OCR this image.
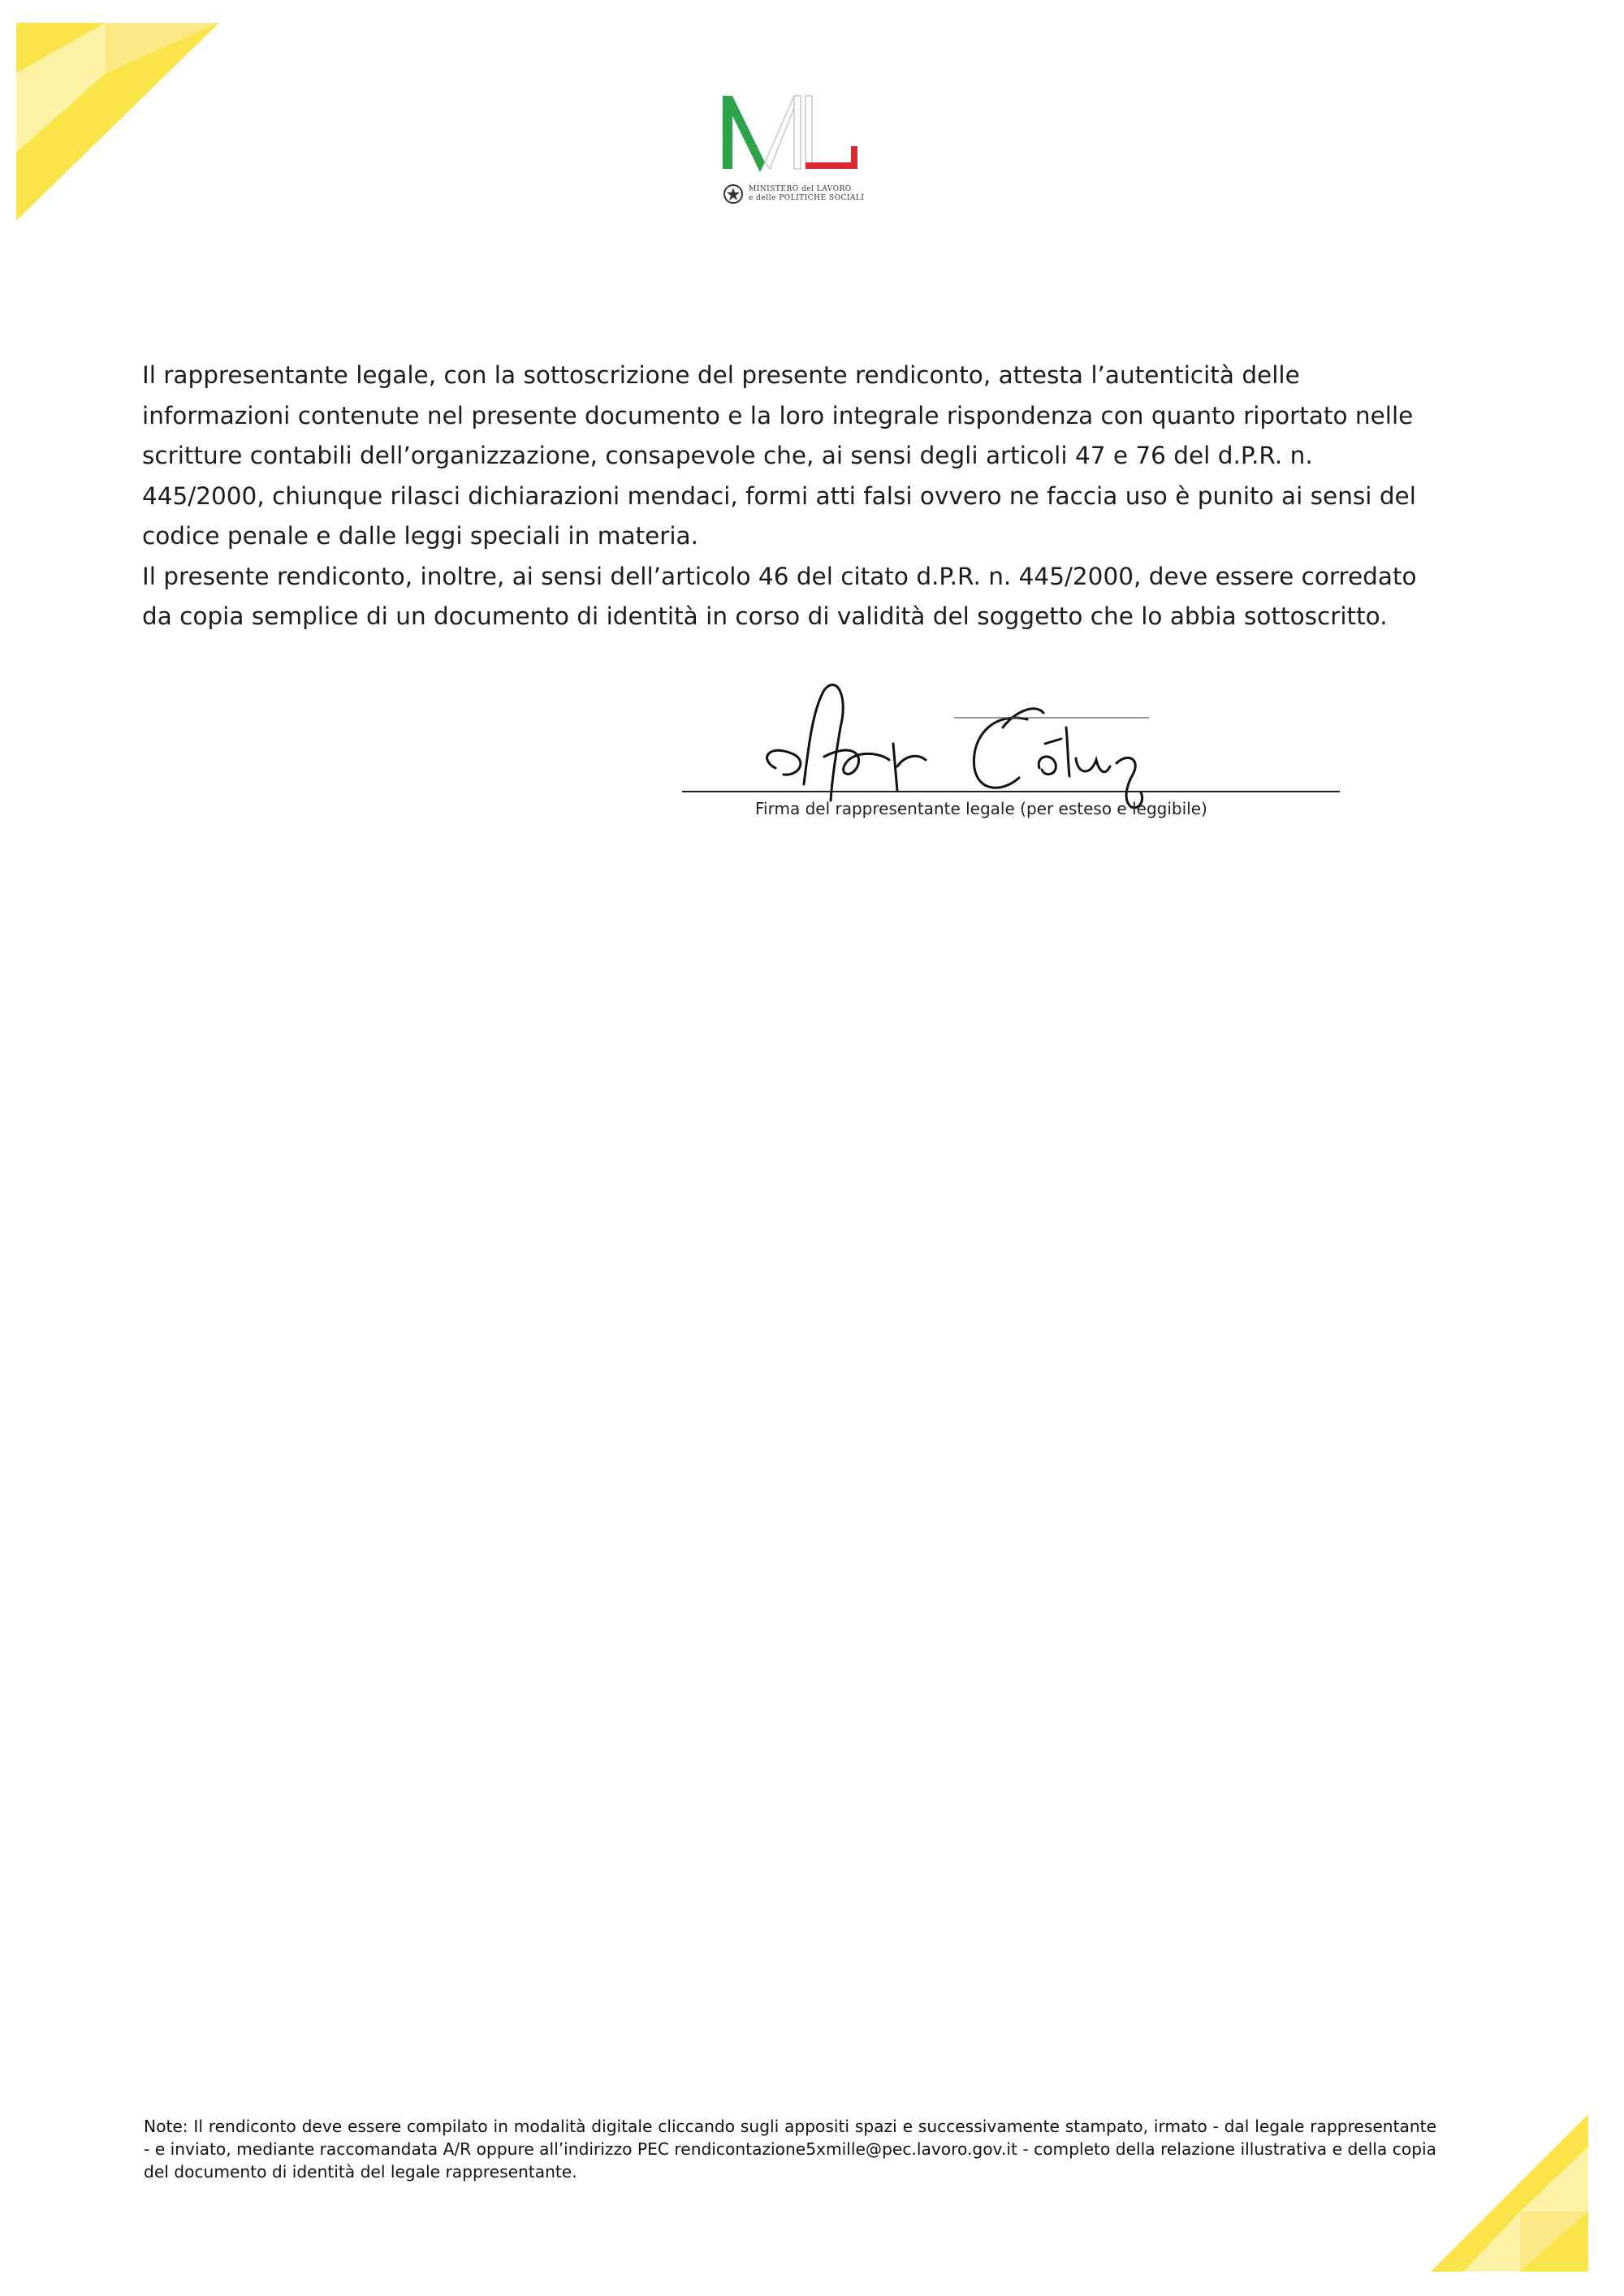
MINISTERO del LAVORO
e delle POLITICHE SOCIALI

Il rappresentante legale, con la sottoscrizione del presente rendiconto, attesta l’autenticità delle informazioni contenute nel presente documento e la loro integrale rispondenza con quanto riportato nelle scritture contabili dell’organizzazione, consapevole che, ai sensi degli articoli 47 e 76 del d.P.R. n. 445/2000, chiunque rilasci dichiarazioni mendaci, formi atti falsi ovvero ne faccia uso è punito ai sensi del codice penale e dalle leggi speciali in materia.

Il presente rendiconto, inoltre, ai sensi dell’articolo 46 del citato d.P.R. n. 445/2000, deve essere corredato da copia semplice di un documento di identità in corso di validità del soggetto che lo abbia sottoscritto.

Firma del rappresentante legale (per esteso e leggibile)
Note: Il rendiconto deve essere compilato in modalità digitale cliccando sugli appositi spazi e successivamente stampato, irmato - dal legale rappresentante - e inviato, mediante raccomandata A/R oppure all’indirizzo PEC rendicontazione5xmille@pec.lavoro.gov.it - completo della relazione illustrativa e della copia del documento di identità del legale rappresentante.
